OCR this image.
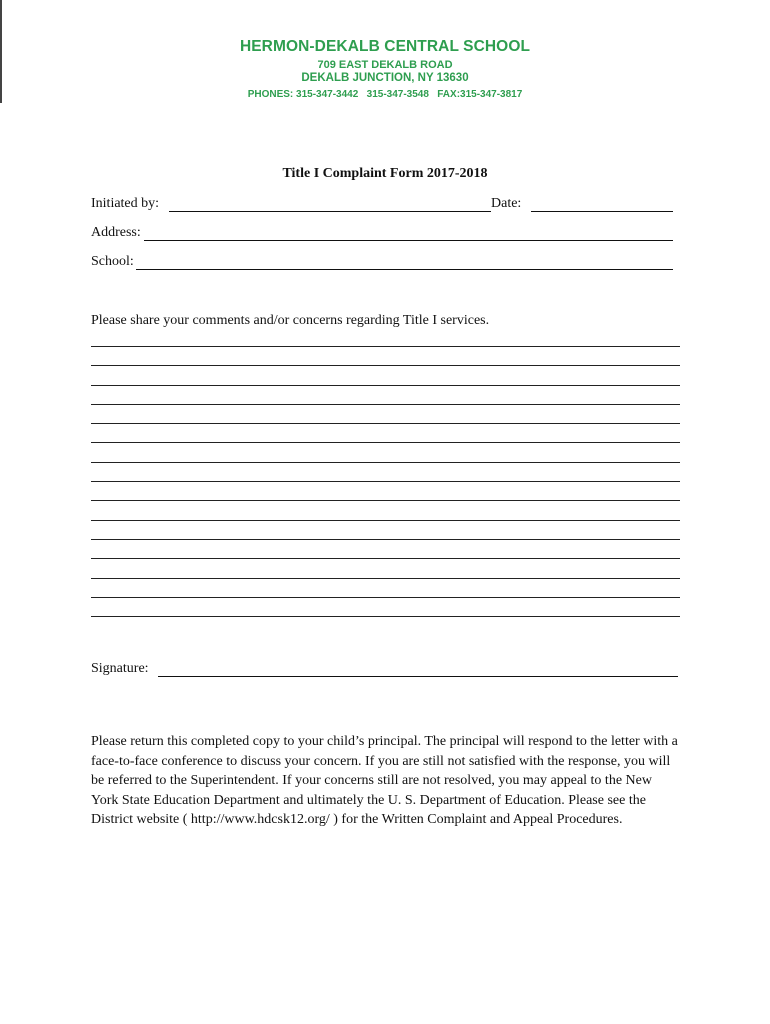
HERMON-DEKALB CENTRAL SCHOOL
709 EAST DEKALB ROAD
DEKALB JUNCTION, NY 13630
PHONES: 315-347-3442   315-347-3548   FAX:315-347-3817
Title I Complaint Form 2017-2018
Initiated by:	Date:
Address:
School:
Please share your comments and/or concerns regarding Title I services.
Signature:

Please return this completed copy to your child’s principal. The principal will respond to the letter with a face-to-face conference to discuss your concern. If you are still not satisfied with the response, you will be referred to the Superintendent. If your concerns still are not resolved, you may appeal to the New York State Education Department and ultimately the U. S. Department of Education. Please see the District website ( http://www.hdcsk12.org/ ) for the Written Complaint and Appeal Procedures.
